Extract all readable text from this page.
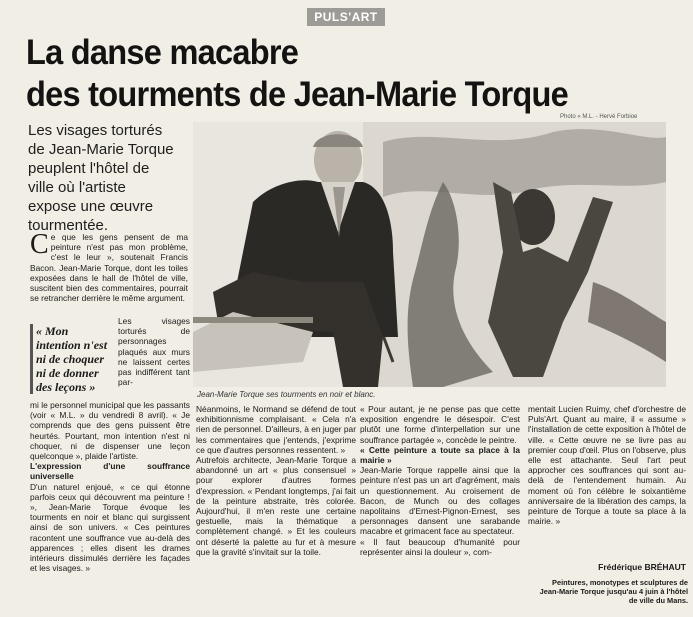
PULS'ART
La danse macabre
des tourments de Jean-Marie Torque
Photo « M.L. - Hervé Forbioe
Les visages torturés de Jean-Marie Torque peuplent l'hôtel de ville où l'artiste expose une œuvre tourmentée.
Jean-Marie Torque ses tourments en noir et blanc.
C e que les gens pensent de ma peinture n'est pas mon problème, c'est le leur », soutenait Francis Bacon. Jean-Marie Torque, dont les toiles exposées dans le hall de l'hôtel de ville, suscitent bien des commentaires, pourrait se retrancher derrière le même argument.

« Mon intention n'est ni de choquer ni de donner des leçons »
Les visages torturés de personnages plaqués aux murs ne laissent certes pas indifférent tant par-

mi le personnel municipal que les passants (voir « M.L. » du vendredi 8 avril). « Je comprends que des gens puissent être heurtés. Pourtant, mon intention n'est ni choquer, ni de dispenser une leçon quelconque », plaide l'artiste.

L'expression d'une souffrance universelle

D'un naturel enjoué, « ce qui étonne parfois ceux qui découvrent ma peinture ! », Jean-Marie Torque évoque les tourments en noir et blanc qui surgissent ainsi de son univers. « Ces peintures racontent une souffrance vue au-delà des apparences ; elles disent les drames intérieurs dissimulés derrière les façades et les visages. »

Néanmoins, le Normand se défend de tout exhibitionnisme complaisant. « Cela n'a rien de personnel. D'ailleurs, à en juger par les commentaires que j'entends, j'exprime ce que d'autres personnes ressentent. »

Autrefois architecte, Jean-Marie Torque a abandonné un art « plus consensuel » pour explorer d'autres formes d'expression. « Pendant longtemps, j'ai fait de la peinture abstraite, très colorée. Aujourd'hui, il m'en reste une certaine gestuelle, mais la thématique a complètement changé. » Et les couleurs ont déserté la palette au fur et à mesure que la gravité s'invitait sur la toile.

« Pour autant, je ne pense pas que cette exposition engendre le désespoir. C'est plutôt une forme d'interpellation sur une souffrance partagée », concède le peintre.

« Cette peinture a toute sa place à la mairie »

Jean-Marie Torque rappelle ainsi que la peinture n'est pas un art d'agrément, mais un questionnement. Au croisement de Bacon, de Munch ou des collages napolitains d'Ernest-Pignon-Ernest, ses personnages dansent une sarabande macabre et grimacent face au spectateur.

« Il faut beaucoup d'humanité pour représenter ainsi la douleur », com-

mentait Lucien Ruimy, chef d'orchestre de Puls'Art. Quant au maire, il « assume » l'installation de cette exposition à l'hôtel de ville. « Cette œuvre ne se livre pas au premier coup d'œil. Plus on l'observe, plus elle est attachante. Seul l'art peut approcher ces souffrances qui sont au-delà de l'entendement humain. Au moment où l'on célèbre le soixantième anniversaire de la libération des camps, la peinture de Torque a toute sa place à la mairie. »

Frédérique BRÉHAUT
Peintures, monotypes et sculptures de Jean-Marie Torque jusqu'au 4 juin à l'hôtel de ville du Mans.
